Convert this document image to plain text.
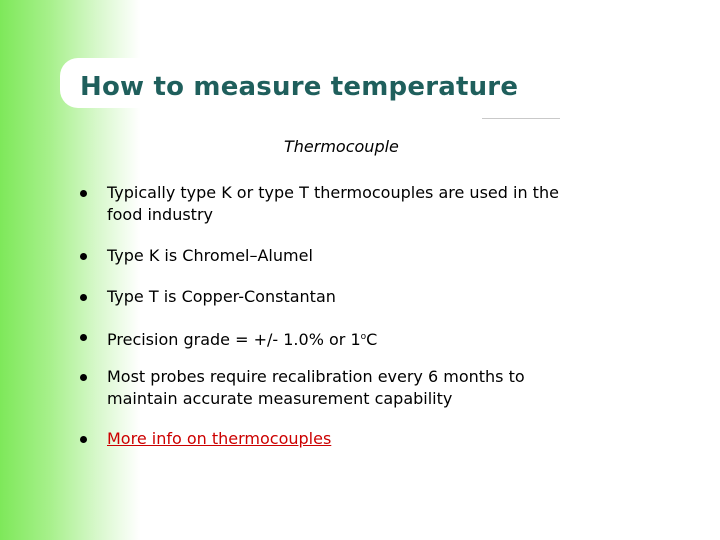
How to measure temperature
Thermocouple
Typically type K or type T thermocouples are used in the food industry
Type K is Chromel–Alumel
Type T is Copper-Constantan
Precision grade = +/- 1.0% or 1$^o$C
Most probes require recalibration every 6 months to maintain accurate measurement capability
More info on thermocouples
